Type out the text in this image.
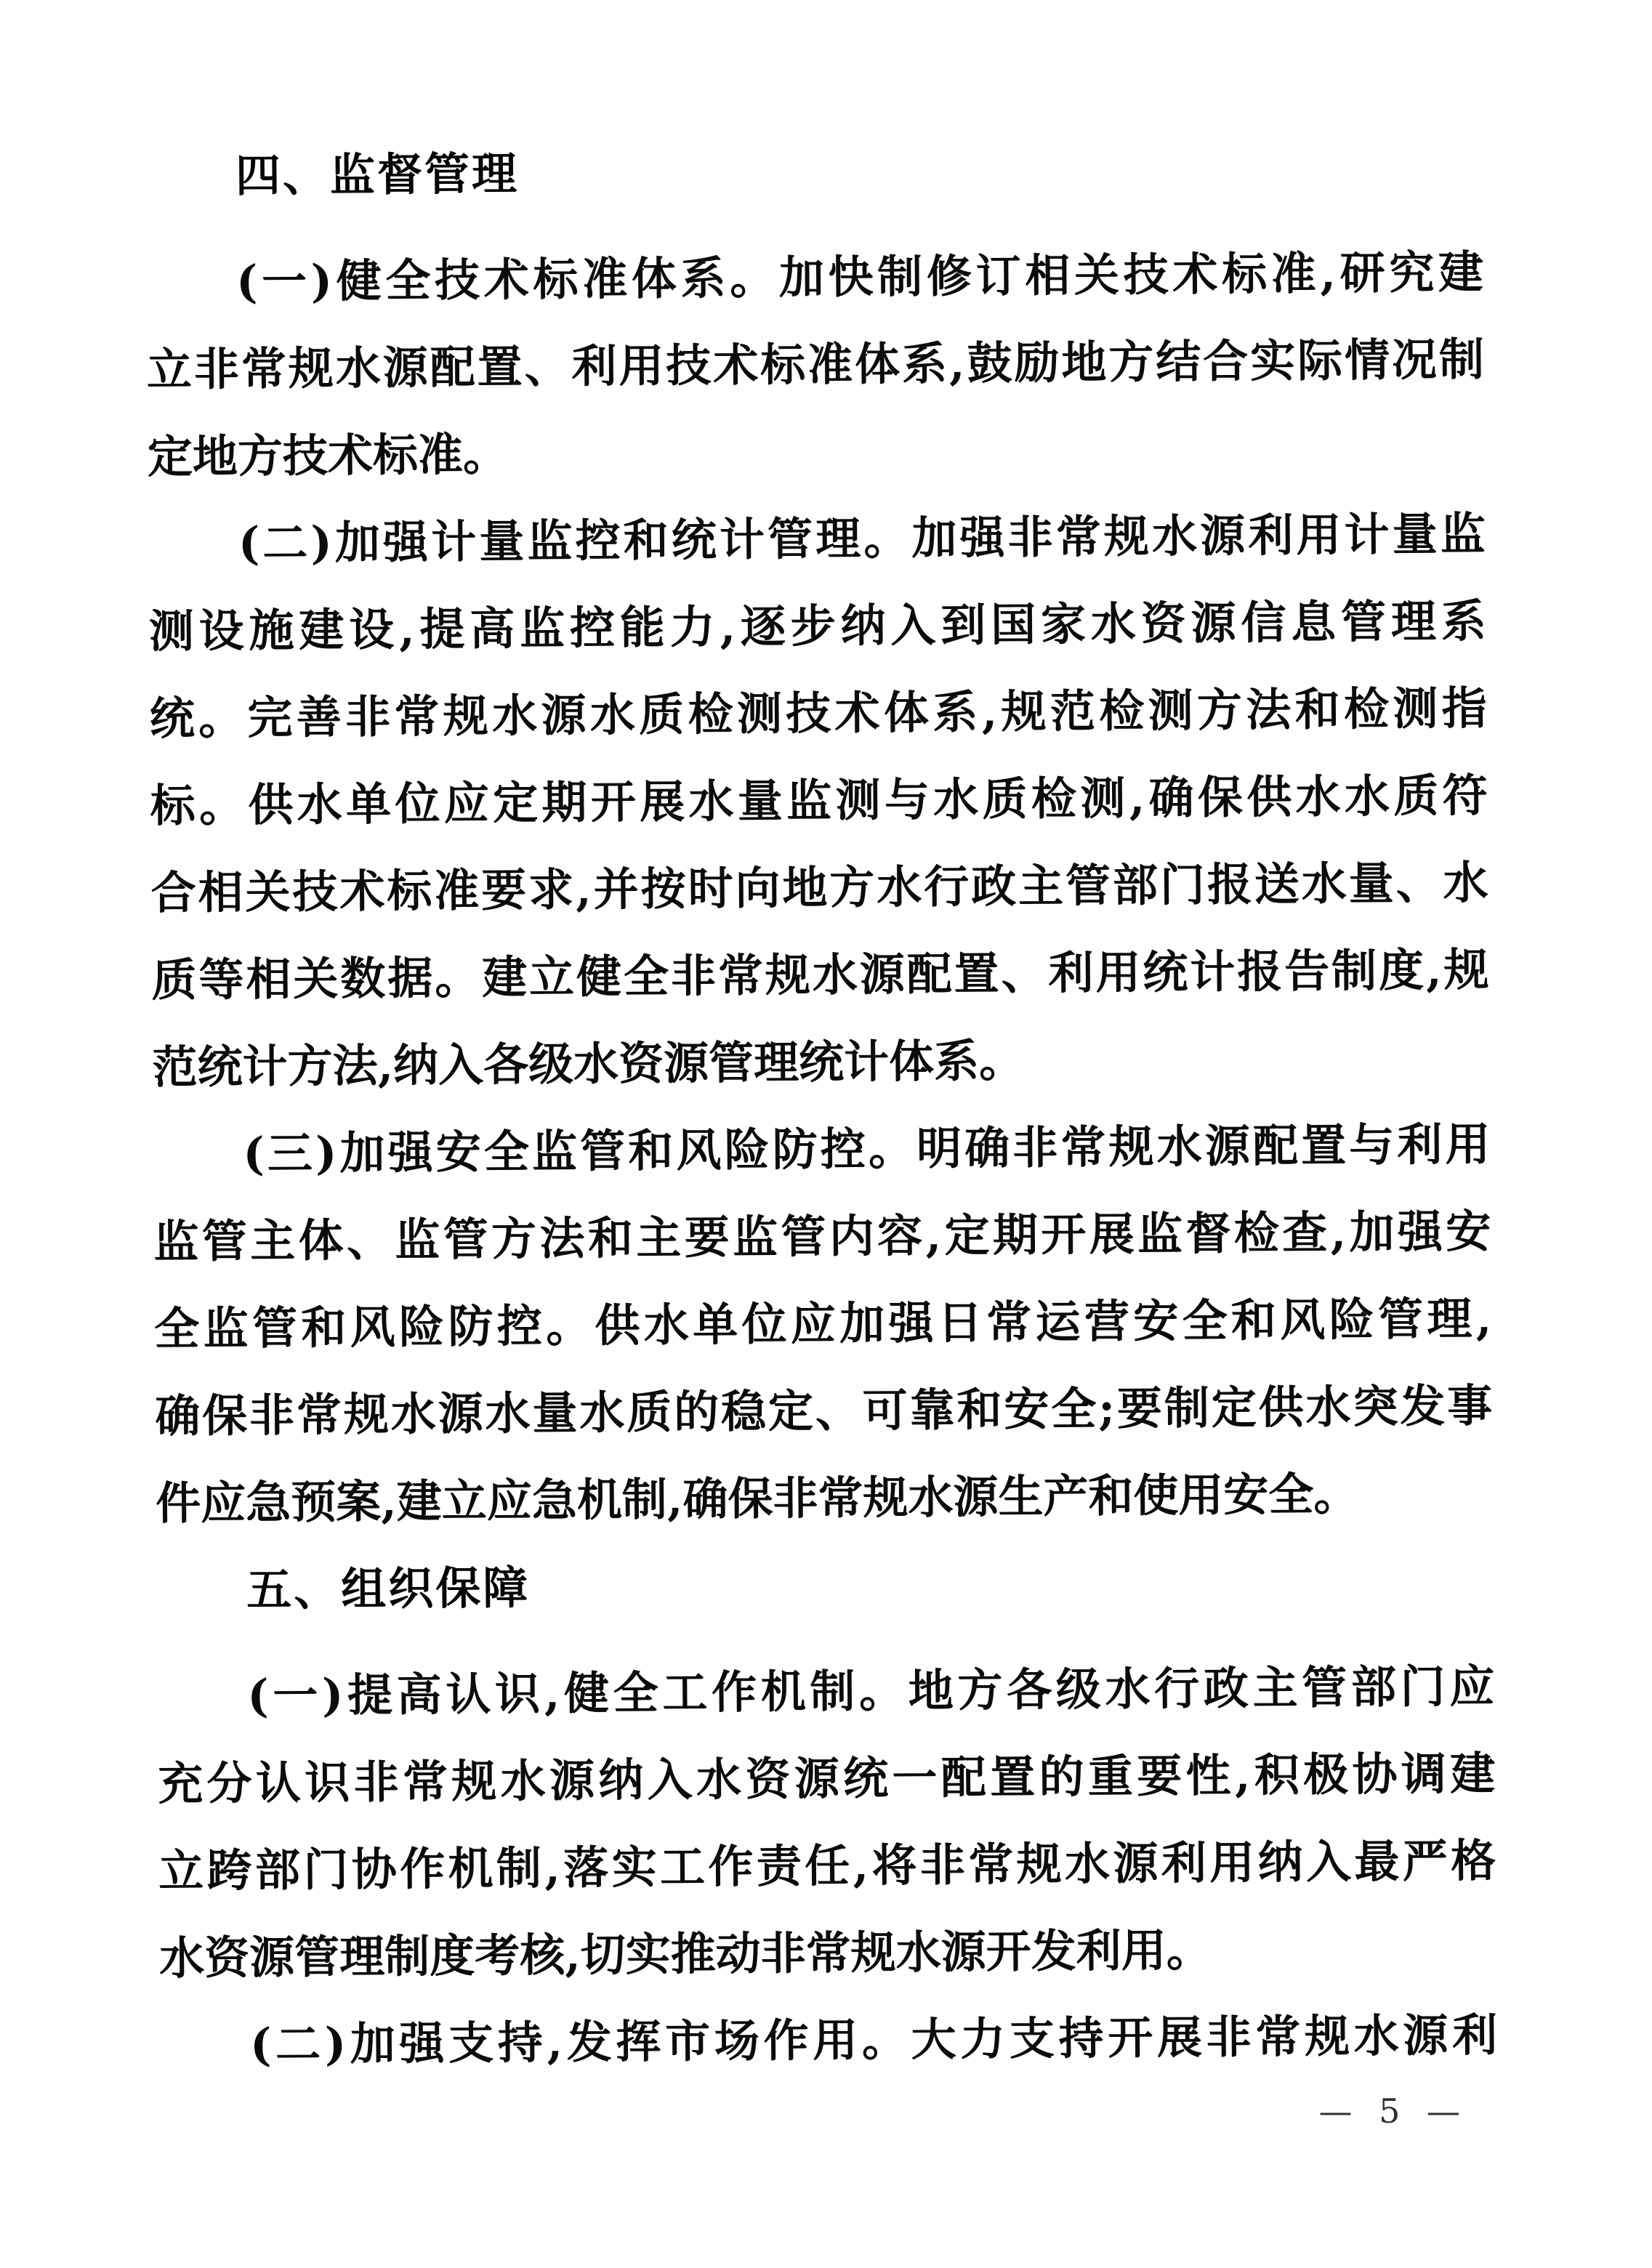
四、监督管理
(一)健全技术标准体系。加快制修订相关技术标准,研究建
立非常规水源配置、利用技术标准体系,鼓励地方结合实际情况制
定地方技术标准。
(二)加强计量监控和统计管理。加强非常规水源利用计量监
测设施建设,提高监控能力,逐步纳入到国家水资源信息管理系
统。完善非常规水源水质检测技术体系,规范检测方法和检测指
标。供水单位应定期开展水量监测与水质检测,确保供水水质符
合相关技术标准要求,并按时向地方水行政主管部门报送水量、水
质等相关数据。建立健全非常规水源配置、利用统计报告制度,规
范统计方法,纳入各级水资源管理统计体系。
(三)加强安全监管和风险防控。明确非常规水源配置与利用
监管主体、监管方法和主要监管内容,定期开展监督检查,加强安
全监管和风险防控。供水单位应加强日常运营安全和风险管理,
确保非常规水源水量水质的稳定、可靠和安全;要制定供水突发事
件应急预案,建立应急机制,确保非常规水源生产和使用安全。
五、组织保障
(一)提高认识,健全工作机制。地方各级水行政主管部门应
充分认识非常规水源纳入水资源统一配置的重要性,积极协调建
立跨部门协作机制,落实工作责任,将非常规水源利用纳入最严格
水资源管理制度考核,切实推动非常规水源开发利用。
(二)加强支持,发挥市场作用。大力支持开展非常规水源利
— 5 —
